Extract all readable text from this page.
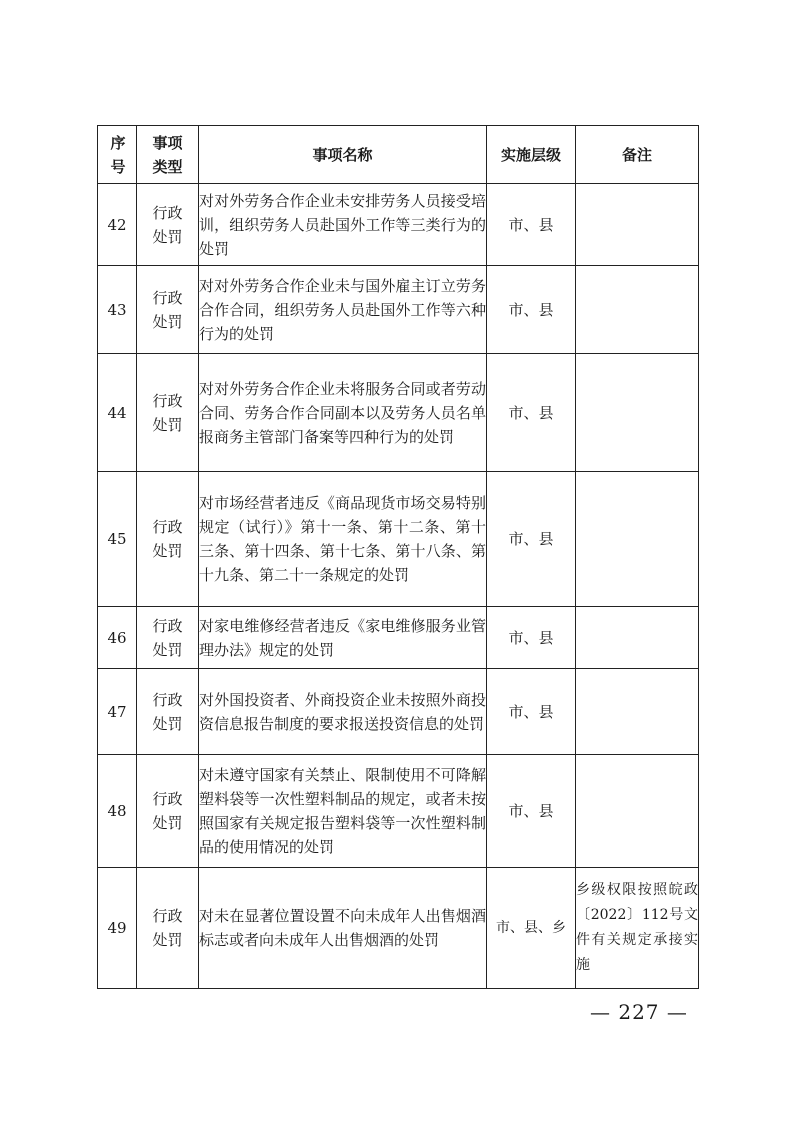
序号	事项类型	事项名称	实施层级	备注
42	行政处罚	对对外劳务合作企业未安排劳务人员接受培训，组织劳务人员赴国外工作等三类行为的处罚	市、县	
43	行政处罚	对对外劳务合作企业未与国外雇主订立劳务合作合同，组织劳务人员赴国外工作等六种行为的处罚	市、县	
44	行政处罚	对对外劳务合作企业未将服务合同或者劳动合同、劳务合作合同副本以及劳务人员名单报商务主管部门备案等四种行为的处罚	市、县	
45	行政处罚	对市场经营者违反《商品现货市场交易特别规定（试行）》第十一条、第十二条、第十三条、第十四条、第十七条、第十八条、第十九条、第二十一条规定的处罚	市、县	
46	行政处罚	对家电维修经营者违反《家电维修服务业管理办法》规定的处罚	市、县	
47	行政处罚	对外国投资者、外商投资企业未按照外商投资信息报告制度的要求报送投资信息的处罚	市、县	
48	行政处罚	对未遵守国家有关禁止、限制使用不可降解塑料袋等一次性塑料制品的规定，或者未按照国家有关规定报告塑料袋等一次性塑料制品的使用情况的处罚	市、县	
49	行政处罚	对未在显著位置设置不向未成年人出售烟酒标志或者向未成年人出售烟酒的处罚	市、县、乡	乡级权限按照皖政〔2022〕112号文件有关规定承接实施
— 227 —
